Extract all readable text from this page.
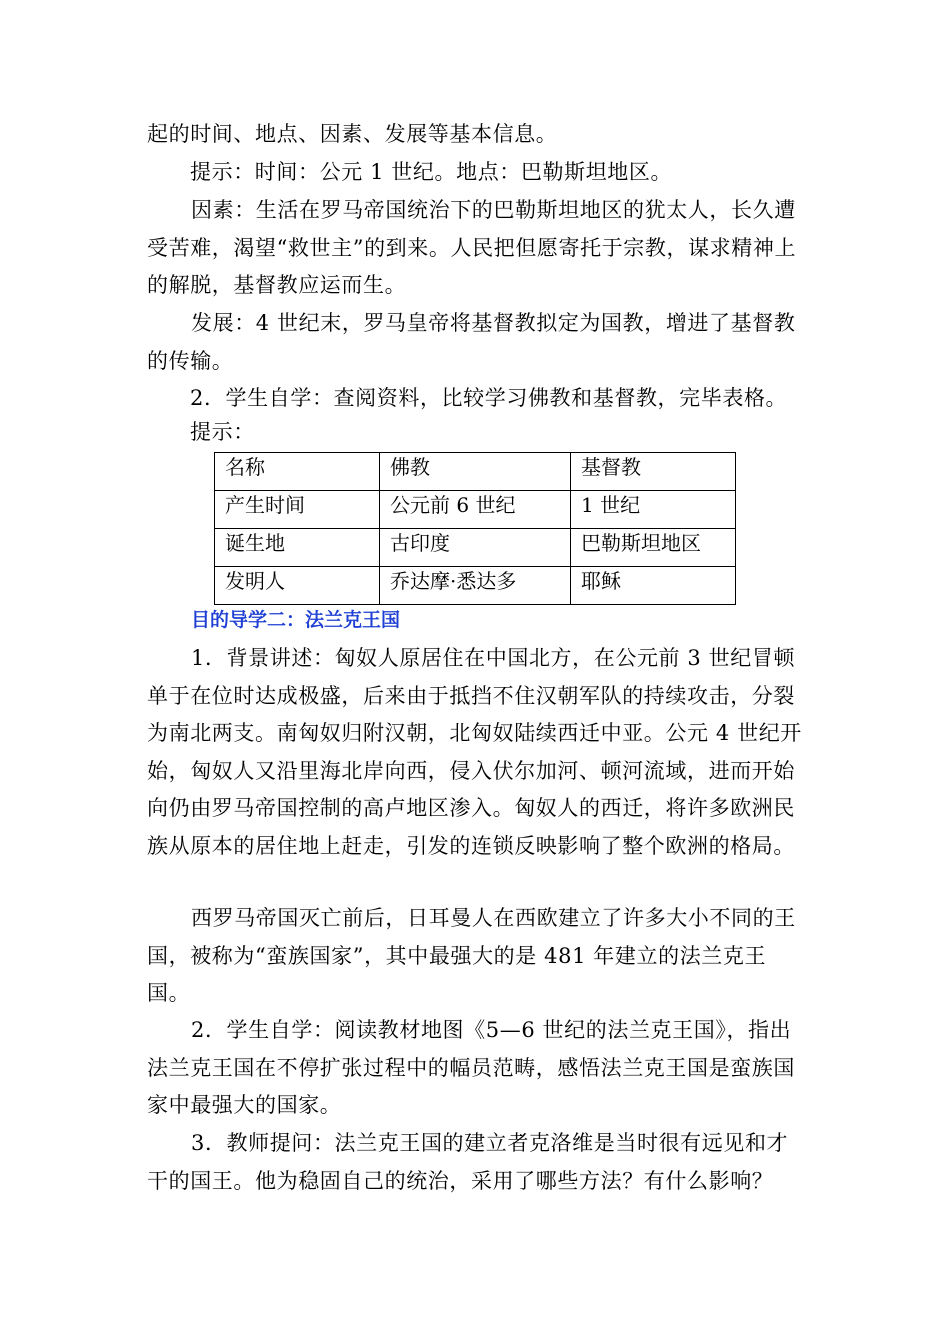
起的时间、地点、因素、发展等基本信息。

提示：时间：公元 1 世纪。地点：巴勒斯坦地区。

因素：生活在罗马帝国统治下的巴勒斯坦地区的犹太人，长久遭受苦难，渴望“救世主”的到来。人民把但愿寄托于宗教，谋求精神上的解脱，基督教应运而生。

发展：4 世纪末，罗马皇帝将基督教拟定为国教，增进了基督教的传输。

2．学生自学：查阅资料，比较学习佛教和基督教，完毕表格。

提示：

名称	佛教	基督教
产生时间	公元前 6 世纪	1 世纪
诞生地	古印度	巴勒斯坦地区
发明人	乔达摩·悉达多	耶稣

目的导学二：法兰克王国

1．背景讲述：匈奴人原居住在中国北方，在公元前 3 世纪冒顿单于在位时达成极盛，后来由于抵挡不住汉朝军队的持续攻击，分裂为南北两支。南匈奴归附汉朝，北匈奴陆续西迁中亚。公元 4 世纪开始，匈奴人又沿里海北岸向西，侵入伏尔加河、顿河流域，进而开始向仍由罗马帝国控制的高卢地区渗入。匈奴人的西迁，将许多欧洲民族从原本的居住地上赶走，引发的连锁反映影响了整个欧洲的格局。

西罗马帝国灭亡前后，日耳曼人在西欧建立了许多大小不同的王国，被称为“蛮族国家”，其中最强大的是 481 年建立的法兰克王国。

2．学生自学：阅读教材地图《5—6 世纪的法兰克王国》，指出法兰克王国在不停扩张过程中的幅员范畴，感悟法兰克王国是蛮族国家中最强大的国家。

3．教师提问：法兰克王国的建立者克洛维是当时很有远见和才干的国王。他为稳固自己的统治，采用了哪些方法？有什么影响？
